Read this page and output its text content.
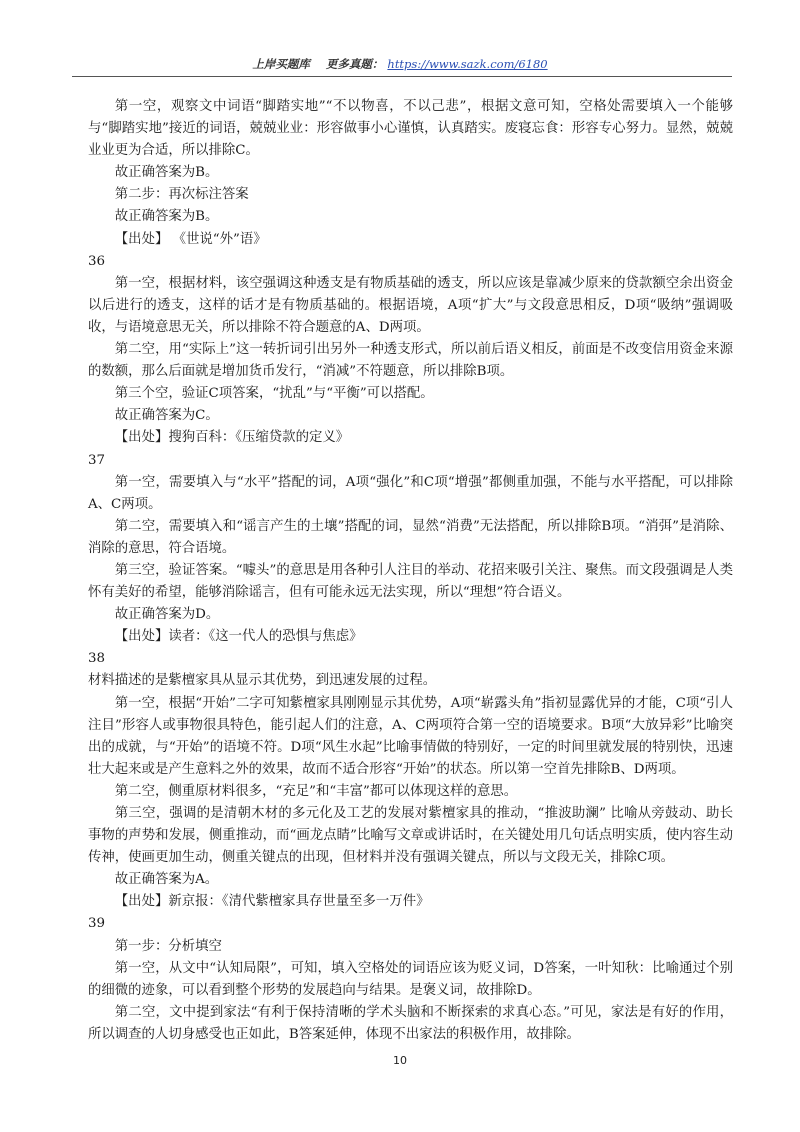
上岸买题库 更多真题： https://www.sazk.com/6180

第一空，观察文中词语“脚踏实地”“不以物喜，不以己悲”，根据文意可知，空格处需要填入一个能够与“脚踏实地”接近的词语，兢兢业业：形容做事小心谨慎，认真踏实。废寝忘食：形容专心努力。显然，兢兢业业更为合适，所以排除C。

故正确答案为B。

第二步：再次标注答案

故正确答案为B。

【出处】 《世说“外”语》

36

第一空，根据材料，该空强调这种透支是有物质基础的透支，所以应该是靠减少原来的贷款额空余出资金以后进行的透支，这样的话才是有物质基础的。根据语境，A项“扩大”与文段意思相反，D项“吸纳”强调吸收，与语境意思无关，所以排除不符合题意的A、D两项。

第二空，用“实际上”这一转折词引出另外一种透支形式，所以前后语义相反，前面是不改变信用资金来源的数额，那么后面就是增加货币发行，“消减”不符题意，所以排除B项。

第三个空，验证C项答案，“扰乱”与“平衡”可以搭配。

故正确答案为C。

【出处】搜狗百科：《压缩贷款的定义》

37

第一空，需要填入与“水平”搭配的词，A项“强化”和C项“增强”都侧重加强，不能与水平搭配，可以排除A、C两项。

第二空，需要填入和“谣言产生的土壤”搭配的词，显然“消费”无法搭配，所以排除B项。“消弭”是消除、消除的意思，符合语境。

第三空，验证答案。“噱头”的意思是用各种引人注目的举动、花招来吸引关注、聚焦。而文段强调是人类怀有美好的希望，能够消除谣言，但有可能永远无法实现，所以“理想”符合语义。

故正确答案为D。

【出处】读者：《这一代人的恐惧与焦虑》

38

材料描述的是紫檀家具从显示其优势，到迅速发展的过程。

第一空，根据“开始”二字可知紫檀家具刚刚显示其优势，A项“崭露头角”指初显露优异的才能，C项“引人注目”形容人或事物很具特色，能引起人们的注意，A、C两项符合第一空的语境要求。B项“大放异彩”比喻突出的成就，与“开始”的语境不符。D项“风生水起”比喻事情做的特别好，一定的时间里就发展的特别快，迅速壮大起来或是产生意料之外的效果，故而不适合形容“开始”的状态。所以第一空首先排除B、D两项。

第二空，侧重原材料很多，“充足”和“丰富”都可以体现这样的意思。

第三空，强调的是清朝木材的多元化及工艺的发展对紫檀家具的推动，“推波助澜” 比喻从旁鼓动、助长事物的声势和发展，侧重推动，而“画龙点睛”比喻写文章或讲话时，在关键处用几句话点明实质，使内容生动传神，使画更加生动，侧重关键点的出现，但材料并没有强调关键点，所以与文段无关，排除C项。

故正确答案为A。

【出处】新京报：《清代紫檀家具存世量至多一万件》

39

第一步：分析填空

第一空，从文中“认知局限”，可知，填入空格处的词语应该为贬义词，D答案，一叶知秋：比喻通过个别的细微的迹象，可以看到整个形势的发展趋向与结果。是褒义词，故排除D。

第二空，文中提到家法“有利于保持清晰的学术头脑和不断探索的求真心态。”可见，家法是有好的作用，所以调查的人切身感受也正如此，B答案延伸，体现不出家法的积极作用，故排除。

10
